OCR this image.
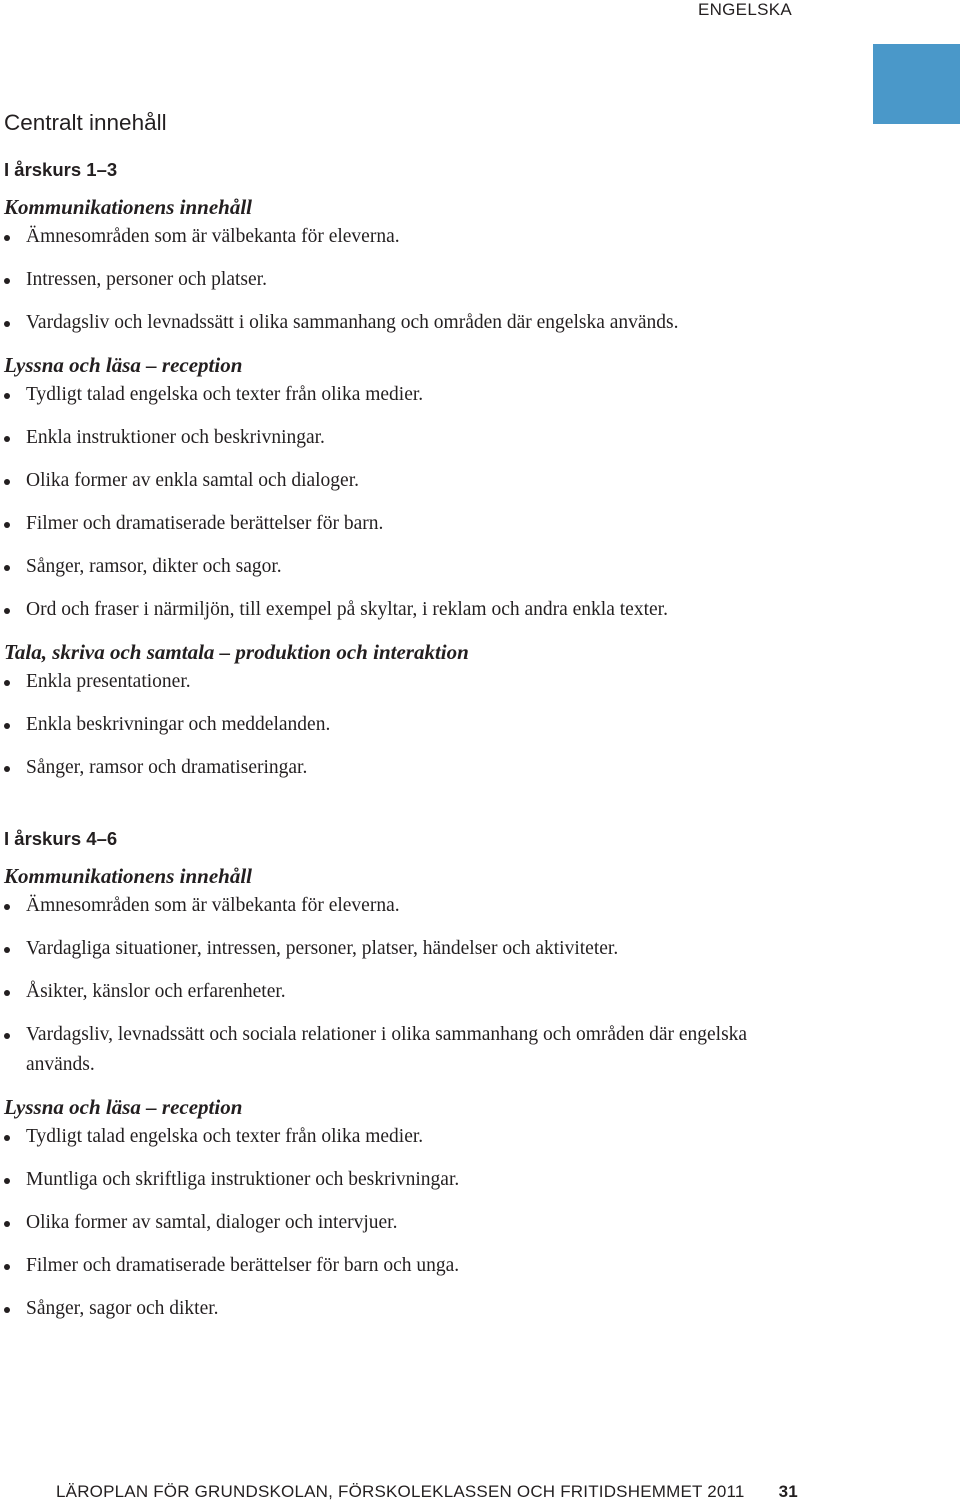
ENGELSKA
Centralt innehåll
I årskurs 1–3
Kommunikationens innehåll
Ämnesområden som är välbekanta för eleverna.
Intressen, personer och platser.
Vardagsliv och levnadssätt i olika sammanhang och områden där engelska används.
Lyssna och läsa – reception
Tydligt talad engelska och texter från olika medier.
Enkla instruktioner och beskrivningar.
Olika former av enkla samtal och dialoger.
Filmer och dramatiserade berättelser för barn.
Sånger, ramsor, dikter och sagor.
Ord och fraser i närmiljön, till exempel på skyltar, i reklam och andra enkla texter.
Tala, skriva och samtala – produktion och interaktion
Enkla presentationer.
Enkla beskrivningar och meddelanden.
Sånger, ramsor och dramatiseringar.
I årskurs 4–6
Kommunikationens innehåll
Ämnesområden som är välbekanta för eleverna.
Vardagliga situationer, intressen, personer, platser, händelser och aktiviteter.
Åsikter, känslor och erfarenheter.
Vardagsliv, levnadssätt och sociala relationer i olika sammanhang och områden där engelska används.
Lyssna och läsa – reception
Tydligt talad engelska och texter från olika medier.
Muntliga och skriftliga instruktioner och beskrivningar.
Olika former av samtal, dialoger och intervjuer.
Filmer och dramatiserade berättelser för barn och unga.
Sånger, sagor och dikter.
LÄROPLAN FÖR GRUNDSKOLAN, FÖRSKOLEKLASSEN OCH FRITIDSHEMMET 2011 31
